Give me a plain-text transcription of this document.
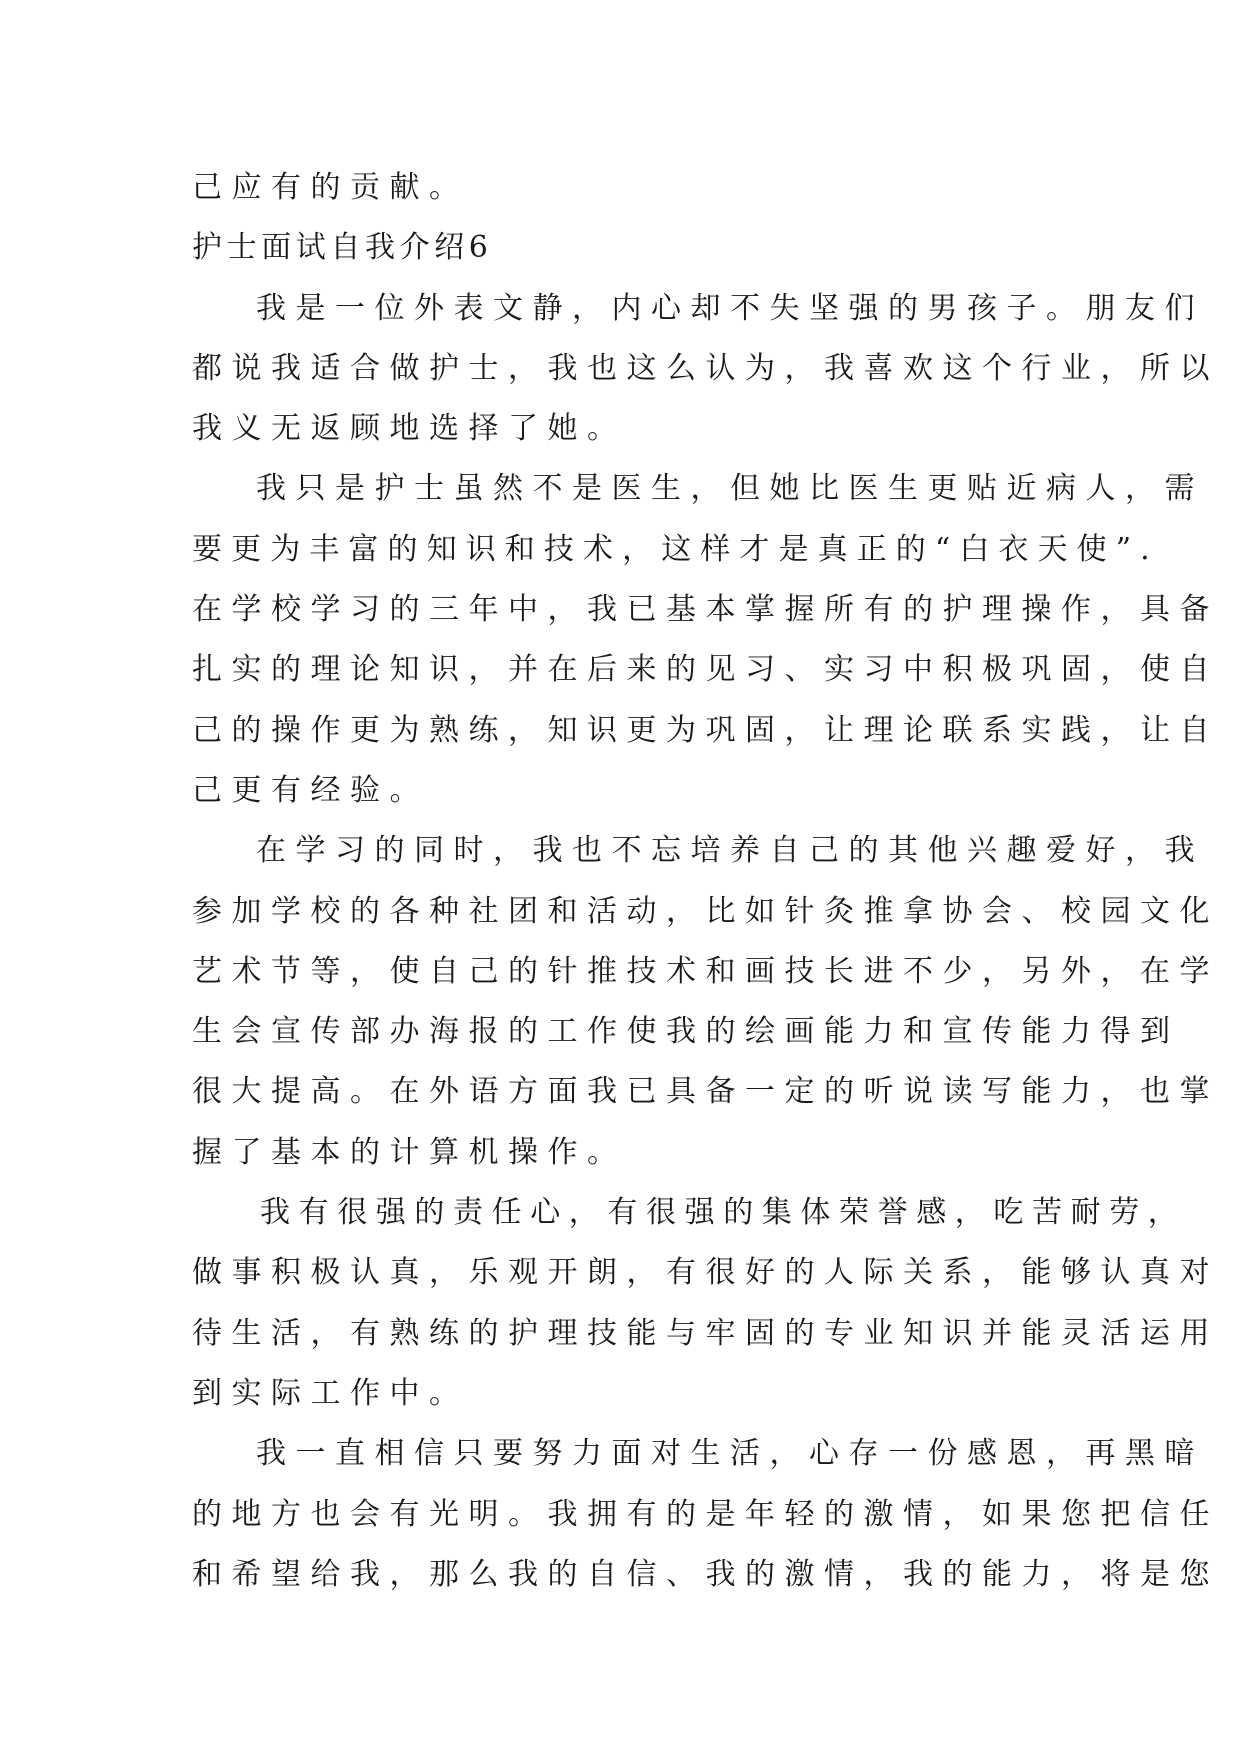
己应有的贡献。
护士面试自我介绍6
我是一位外表文静，内心却不失坚强的男孩子。朋友们
都说我适合做护士，我也这么认为，我喜欢这个行业，所以
我义无返顾地选择了她。
我只是护士虽然不是医生，但她比医生更贴近病人，需
要更为丰富的知识和技术，这样才是真正的“白衣天使”.
在学校学习的三年中，我已基本掌握所有的护理操作，具备
扎实的理论知识，并在后来的见习、实习中积极巩固，使自
己的操作更为熟练，知识更为巩固，让理论联系实践，让自
己更有经验。
在学习的同时，我也不忘培养自己的其他兴趣爱好，我
参加学校的各种社团和活动，比如针灸推拿协会、校园文化
艺术节等，使自己的针推技术和画技长进不少，另外，在学
生会宣传部办海报的工作使我的绘画能力和宣传能力得到
很大提高。在外语方面我已具备一定的听说读写能力，也掌
握了基本的计算机操作。
我有很强的责任心，有很强的集体荣誉感，吃苦耐劳，
做事积极认真，乐观开朗，有很好的人际关系，能够认真对
待生活，有熟练的护理技能与牢固的专业知识并能灵活运用
到实际工作中。
我一直相信只要努力面对生活，心存一份感恩，再黑暗
的地方也会有光明。我拥有的是年轻的激情，如果您把信任
和希望给我，那么我的自信、我的激情，我的能力，将是您
